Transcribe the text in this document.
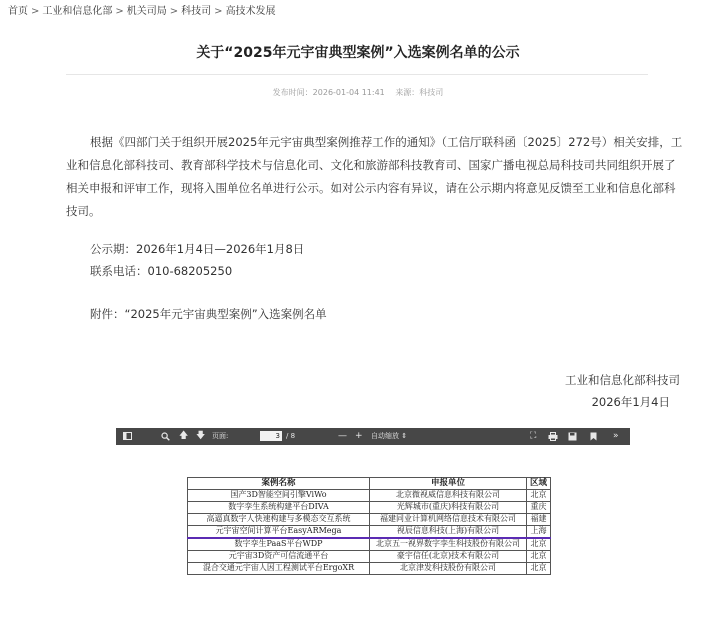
首页 > 工业和信息化部 > 机关司局 > 科技司 > 高技术发展
关于“2025年元宇宙典型案例”入选案例名单的公示
发布时间：2026-01-04 11:41 来源：科技司
根据《四部门关于组织开展2025年元宇宙典型案例推荐工作的通知》（工信厅联科函〔2025〕272号）相关安排，工业和信息化部科技司、教育部科学技术与信息化司、文化和旅游部科技教育司、国家广播电视总局科技司共同组织开展了相关申报和评审工作，现将入围单位名单进行公示。如对公示内容有异议，请在公示期内将意见反馈至工业和信息化部科技司。
公示期：2026年1月4日—2026年1月8日
联系电话：010-68205250
附件：“2025年元宇宙典型案例”入选案例名单
工业和信息化部科技司
2026年1月4日
🡅 🡇 页面:
3	/ 8	— + 自动缩放 ⇕	⛶	»
案例名称	申报单位	区域
国产3D智能空间引擎ViWo	北京微视威信息科技有限公司	北京
数字孪生系统构建平台DIVA	光辉城市(重庆)科技有限公司	重庆
高逼真数字人快速构建与多模态交互系统	福建同业计算机网络信息技术有限公司	福建
元宇宙空间计算平台EasyARMega	视辰信息科技(上海)有限公司	上海
数字孪生PaaS平台WDP	北京五一视界数字孪生科技股份有限公司	北京
元宇宙3D资产可信流通平台	豪宇信任(北京)技术有限公司	北京
混合交通元宇宙人因工程测试平台ErgoXR	北京津发科技股份有限公司	北京
